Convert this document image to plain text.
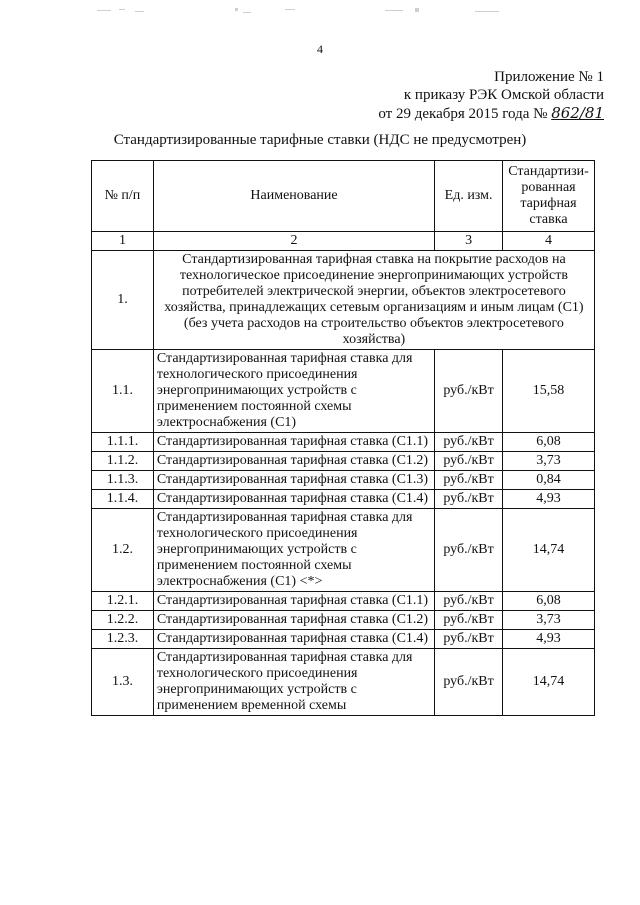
4
Приложение № 1
к приказу РЭК Омской области
от 29 декабря 2015 года № 862/81
Стандартизированные тарифные ставки (НДС не предусмотрен)
№ п/п	Наименование	Ед. изм.	Стандартизи-рованная тарифная ставка
1	2	3	4
1.	Стандартизированная тарифная ставка на покрытие расходов на технологическое присоединение энергопринимающих устройств потребителей электрической энергии, объектов электросетевого хозяйства, принадлежащих сетевым организациям и иным лицам (С1) (без учета расходов на строительство объектов электросетевого хозяйства)		
1.1.	Стандартизированная тарифная ставка для технологического присоединения энергопринимающих устройств с применением постоянной схемы электроснабжения (С1)	руб./кВт	15,58
1.1.1.	Стандартизированная тарифная ставка (С1.1)	руб./кВт	6,08
1.1.2.	Стандартизированная тарифная ставка (С1.2)	руб./кВт	3,73
1.1.3.	Стандартизированная тарифная ставка (С1.3)	руб./кВт	0,84
1.1.4.	Стандартизированная тарифная ставка (С1.4)	руб./кВт	4,93
1.2.	Стандартизированная тарифная ставка для технологического присоединения энергопринимающих устройств с применением постоянной схемы электроснабжения (С1) <*>	руб./кВт	14,74
1.2.1.	Стандартизированная тарифная ставка (С1.1)	руб./кВт	6,08
1.2.2.	Стандартизированная тарифная ставка (С1.2)	руб./кВт	3,73
1.2.3.	Стандартизированная тарифная ставка (С1.4)	руб./кВт	4,93
1.3.	Стандартизированная тарифная ставка для технологического присоединения энергопринимающих устройств с применением временной схемы	руб./кВт	14,74
